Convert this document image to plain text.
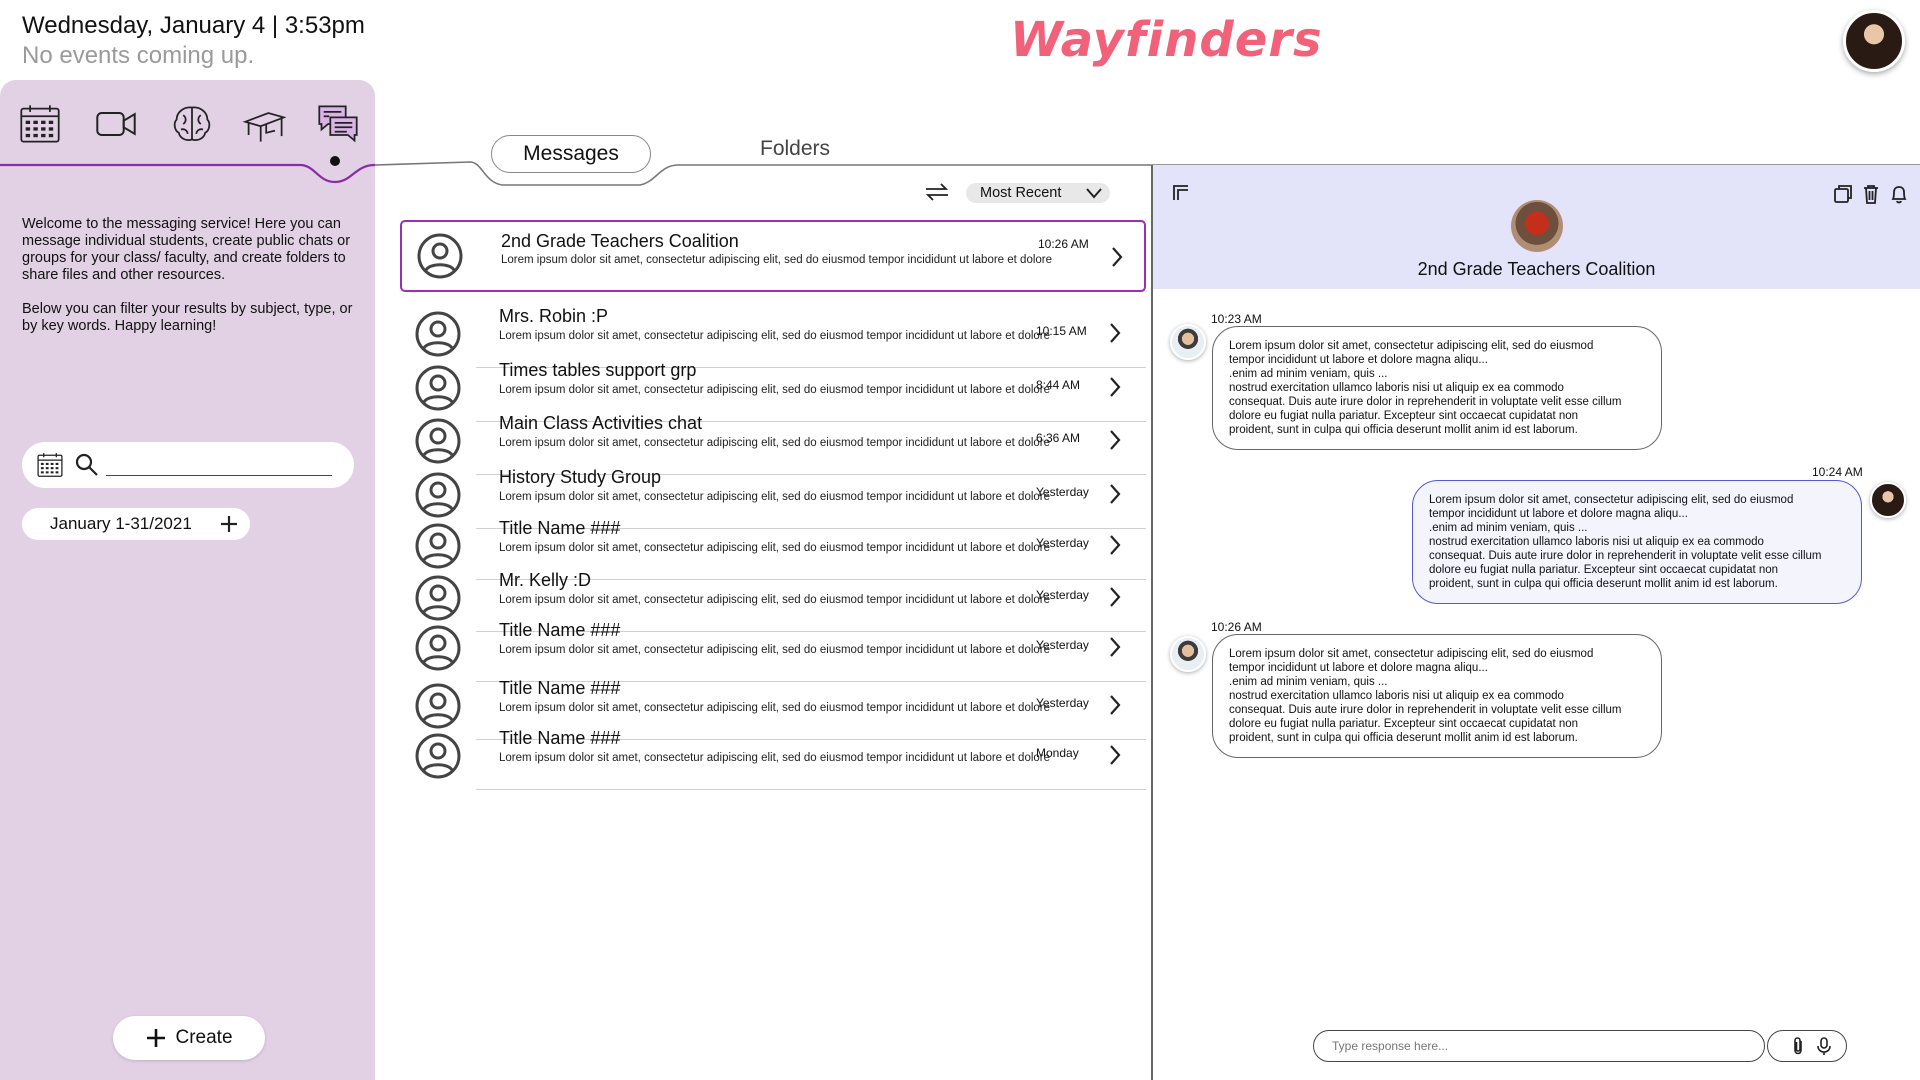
Wednesday, January 4 | 3:53pm
No events coming up.	Wayfinders

Welcome to the messaging service! Here you can message individual students, create public chats or groups for your class/ faculty, and create folders to share files and other resources.

Below you can filter your results by subject, type, or by key words. Happy learning!

January 1-31/2021
Create
Messages	Folders
Most Recent
2nd Grade Teachers Coalition	10:26 AM
Lorem ipsum dolor sit amet, consectetur adipiscing elit, sed do eiusmod tempor incididunt ut labore et dolore
Mrs. Robin :P
10:15 AM
Lorem ipsum dolor sit amet, consectetur adipiscing elit, sed do eiusmod tempor incididunt ut labore et dolore
Times tables support grp
8:44 AM
Lorem ipsum dolor sit amet, consectetur adipiscing elit, sed do eiusmod tempor incididunt ut labore et dolore
Main Class Activities chat
6:36 AM
Lorem ipsum dolor sit amet, consectetur adipiscing elit, sed do eiusmod tempor incididunt ut labore et dolore
History Study Group
Yesterday
Lorem ipsum dolor sit amet, consectetur adipiscing elit, sed do eiusmod tempor incididunt ut labore et dolore
Title Name ###
Yesterday
Lorem ipsum dolor sit amet, consectetur adipiscing elit, sed do eiusmod tempor incididunt ut labore et dolore
Mr. Kelly :D
Yesterday
Lorem ipsum dolor sit amet, consectetur adipiscing elit, sed do eiusmod tempor incididunt ut labore et dolore
Title Name ###
Yesterday
Lorem ipsum dolor sit amet, consectetur adipiscing elit, sed do eiusmod tempor incididunt ut labore et dolore
Title Name ###
Yesterday
Lorem ipsum dolor sit amet, consectetur adipiscing elit, sed do eiusmod tempor incididunt ut labore et dolore
Title Name ###
Monday
Lorem ipsum dolor sit amet, consectetur adipiscing elit, sed do eiusmod tempor incididunt ut labore et dolore
2nd Grade Teachers Coalition
10:23 AM
Lorem ipsum dolor sit amet, consectetur adipiscing elit, sed do eiusmod
tempor incididunt ut labore et dolore magna aliqu...
.enim ad minim veniam, quis ...
nostrud exercitation ullamco laboris nisi ut aliquip ex ea commodo
consequat. Duis aute irure dolor in reprehenderit in voluptate velit esse cillum
dolore eu fugiat nulla pariatur. Excepteur sint occaecat cupidatat non
proident, sunt in culpa qui officia deserunt mollit anim id est laborum.
10:24 AM
Lorem ipsum dolor sit amet, consectetur adipiscing elit, sed do eiusmod
tempor incididunt ut labore et dolore magna aliqu...
.enim ad minim veniam, quis ...
nostrud exercitation ullamco laboris nisi ut aliquip ex ea commodo
consequat. Duis aute irure dolor in reprehenderit in voluptate velit esse cillum
dolore eu fugiat nulla pariatur. Excepteur sint occaecat cupidatat non
proident, sunt in culpa qui officia deserunt mollit anim id est laborum.
10:26 AM
Lorem ipsum dolor sit amet, consectetur adipiscing elit, sed do eiusmod
tempor incididunt ut labore et dolore magna aliqu...
.enim ad minim veniam, quis ...
nostrud exercitation ullamco laboris nisi ut aliquip ex ea commodo
consequat. Duis aute irure dolor in reprehenderit in voluptate velit esse cillum
dolore eu fugiat nulla pariatur. Excepteur sint occaecat cupidatat non
proident, sunt in culpa qui officia deserunt mollit anim id est laborum.
Type response here...
